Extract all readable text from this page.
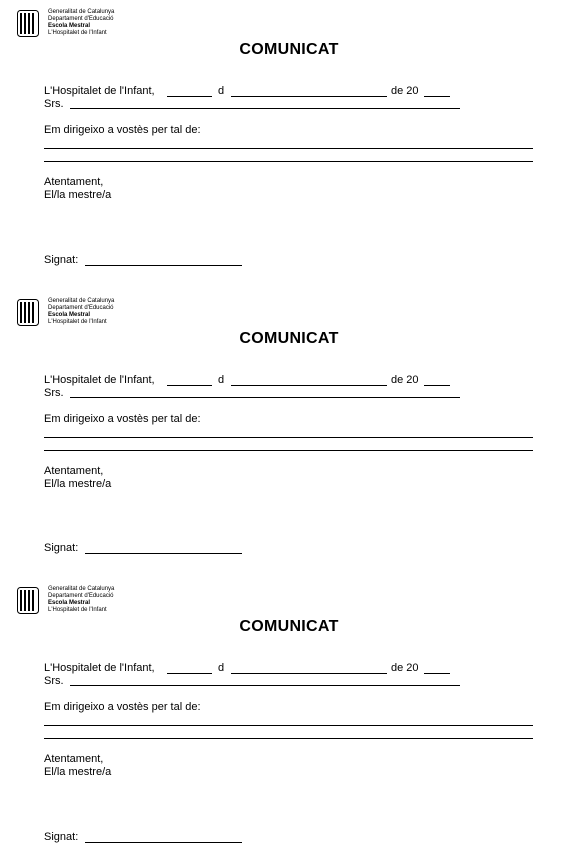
Generalitat de Catalunya
Departament d'Educació
Escola Mestral
L'Hospitalet de l'Infant
COMUNICAT
L'Hospitalet de l'Infant,	d	de 20
Srs.
Em dirigeixo a vostès per tal de:
Atentament,
El/la mestre/a
Signat:
Generalitat de Catalunya
Departament d'Educació
Escola Mestral
L'Hospitalet de l'Infant
COMUNICAT
L'Hospitalet de l'Infant,	d	de 20
Srs.
Em dirigeixo a vostès per tal de:
Atentament,
El/la mestre/a
Signat:
Generalitat de Catalunya
Departament d'Educació
Escola Mestral
L'Hospitalet de l'Infant
COMUNICAT
L'Hospitalet de l'Infant,	d	de 20
Srs.
Em dirigeixo a vostès per tal de:
Atentament,
El/la mestre/a
Signat:
